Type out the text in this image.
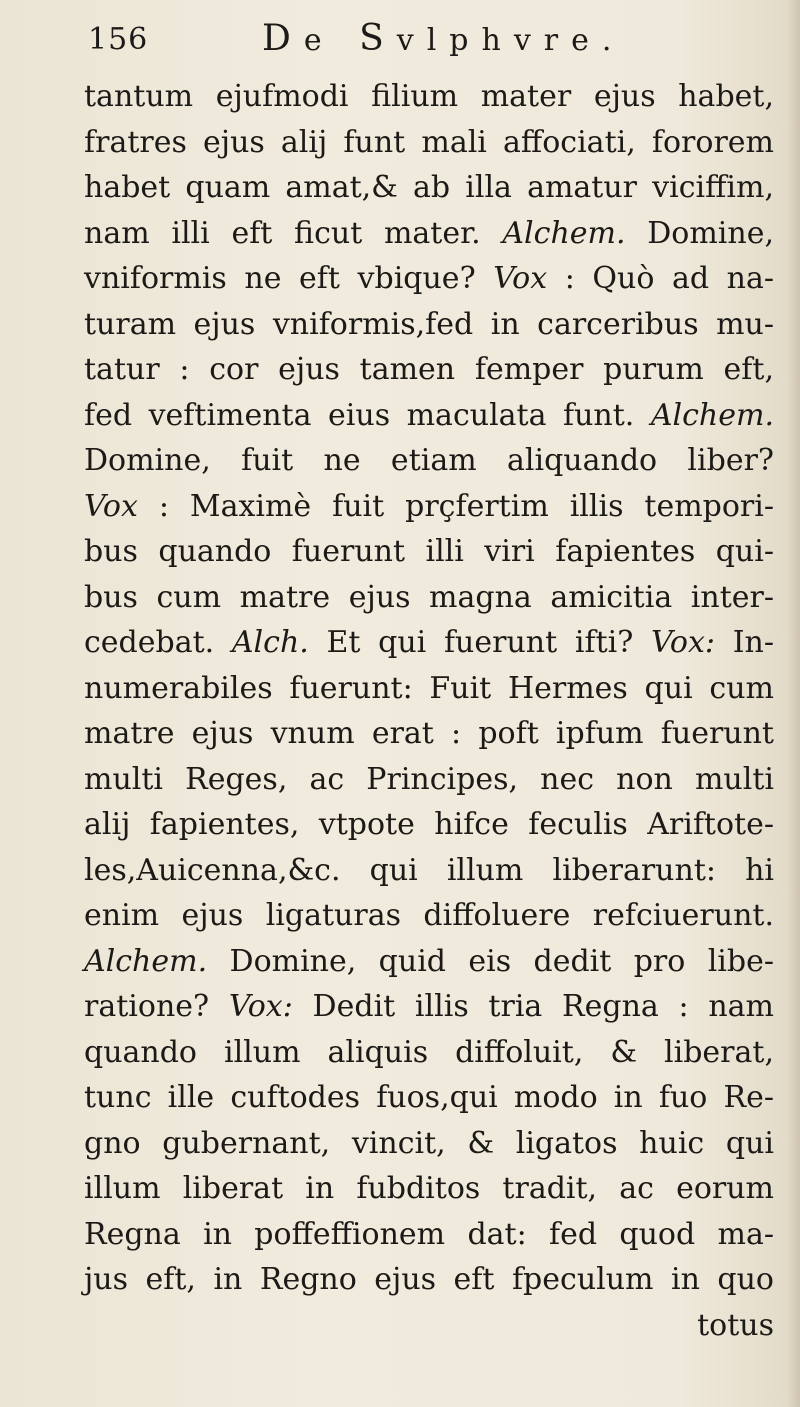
156	De Svlphvre.
tantum ejufmodi filium mater ejus habet,
fratres ejus alij funt mali affociati, fororem
habet quam amat,& ab illa amatur viciffim,
nam illi eft ficut mater. Alchem. Domine,
vniformis ne eft vbique? Vox : Quò ad na-
turam ejus vniformis,fed in carceribus mu-
tatur : cor ejus tamen femper purum eft,
fed veftimenta eius maculata funt. Alchem.
Domine, fuit ne etiam aliquando liber?
Vox : Maximè fuit prçfertim illis tempori-
bus quando fuerunt illi viri fapientes qui-
bus cum matre ejus magna amicitia inter-
cedebat. Alch. Et qui fuerunt ifti? Vox: In-
numerabiles fuerunt: Fuit Hermes qui cum
matre ejus vnum erat : poft ipfum fuerunt
multi Reges, ac Principes, nec non multi
alij fapientes, vtpote hifce feculis Ariftote-
les,Auicenna,&c. qui illum liberarunt: hi
enim ejus ligaturas diffoluere refciuerunt.
Alchem. Domine, quid eis dedit pro libe-
ratione? Vox: Dedit illis tria Regna : nam
quando illum aliquis diffoluit, & liberat,
tunc ille cuftodes fuos,qui modo in fuo Re-
gno gubernant, vincit, & ligatos huic qui
illum liberat in fubditos tradit, ac eorum
Regna in poffeffionem dat: fed quod ma-
jus eft, in Regno ejus eft fpeculum in quo
totus
